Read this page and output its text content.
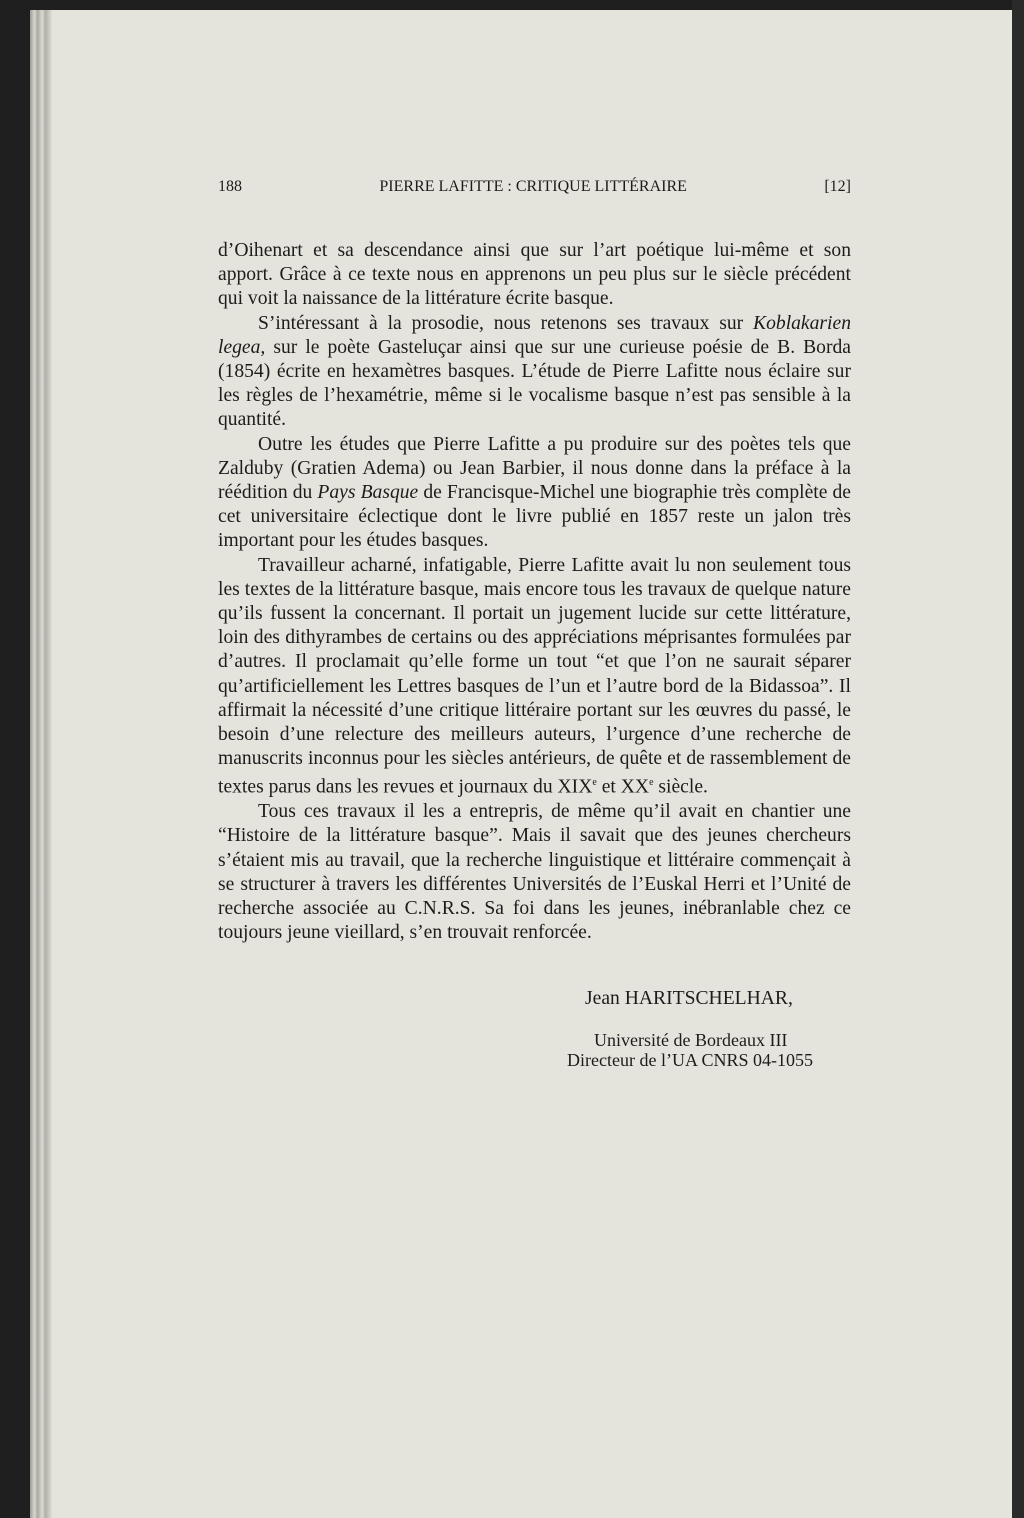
188	PIERRE LAFITTE : CRITIQUE LITTÉRAIRE	[12]

d’Oihenart et sa descendance ainsi que sur l’art poétique lui-même et son apport. Grâce à ce texte nous en apprenons un peu plus sur le siècle précédent qui voit la naissance de la littérature écrite basque.

S’intéressant à la prosodie, nous retenons ses travaux sur Koblakarien legea, sur le poète Gasteluçar ainsi que sur une curieuse poésie de B. Borda (1854) écrite en hexamètres basques. L’étude de Pierre Lafitte nous éclaire sur les règles de l’hexamétrie, même si le vocalisme basque n’est pas sensible à la quantité.

Outre les études que Pierre Lafitte a pu produire sur des poètes tels que Zalduby (Gratien Adema) ou Jean Barbier, il nous donne dans la préface à la réédition du Pays Basque de Francisque-Michel une biographie très complète de cet universitaire éclectique dont le livre publié en 1857 reste un jalon très important pour les études basques.

Travailleur acharné, infatigable, Pierre Lafitte avait lu non seulement tous les textes de la littérature basque, mais encore tous les travaux de quelque nature qu’ils fussent la concernant. Il portait un jugement lucide sur cette littérature, loin des dithyrambes de certains ou des appréciations méprisantes formulées par d’autres. Il proclamait qu’elle forme un tout “et que l’on ne saurait séparer qu’artificiellement les Lettres basques de l’un et l’autre bord de la Bidassoa”. Il affirmait la nécessité d’une critique littéraire portant sur les œuvres du passé, le besoin d’une relecture des meilleurs auteurs, l’urgence d’une recherche de manuscrits inconnus pour les siècles antérieurs, de quête et de rassemblement de textes parus dans les revues et journaux du XIXe et XXe siècle.

Tous ces travaux il les a entrepris, de même qu’il avait en chantier une “Histoire de la littérature basque”. Mais il savait que des jeunes chercheurs s’étaient mis au travail, que la recherche linguistique et littéraire commençait à se structurer à travers les différentes Universités de l’Euskal Herri et l’Unité de recherche associée au C.N.R.S. Sa foi dans les jeunes, inébranlable chez ce toujours jeune vieillard, s’en trouvait renforcée.

Jean HARITSCHELHAR,
Université de Bordeaux III
Directeur de l’UA CNRS 04-1055
